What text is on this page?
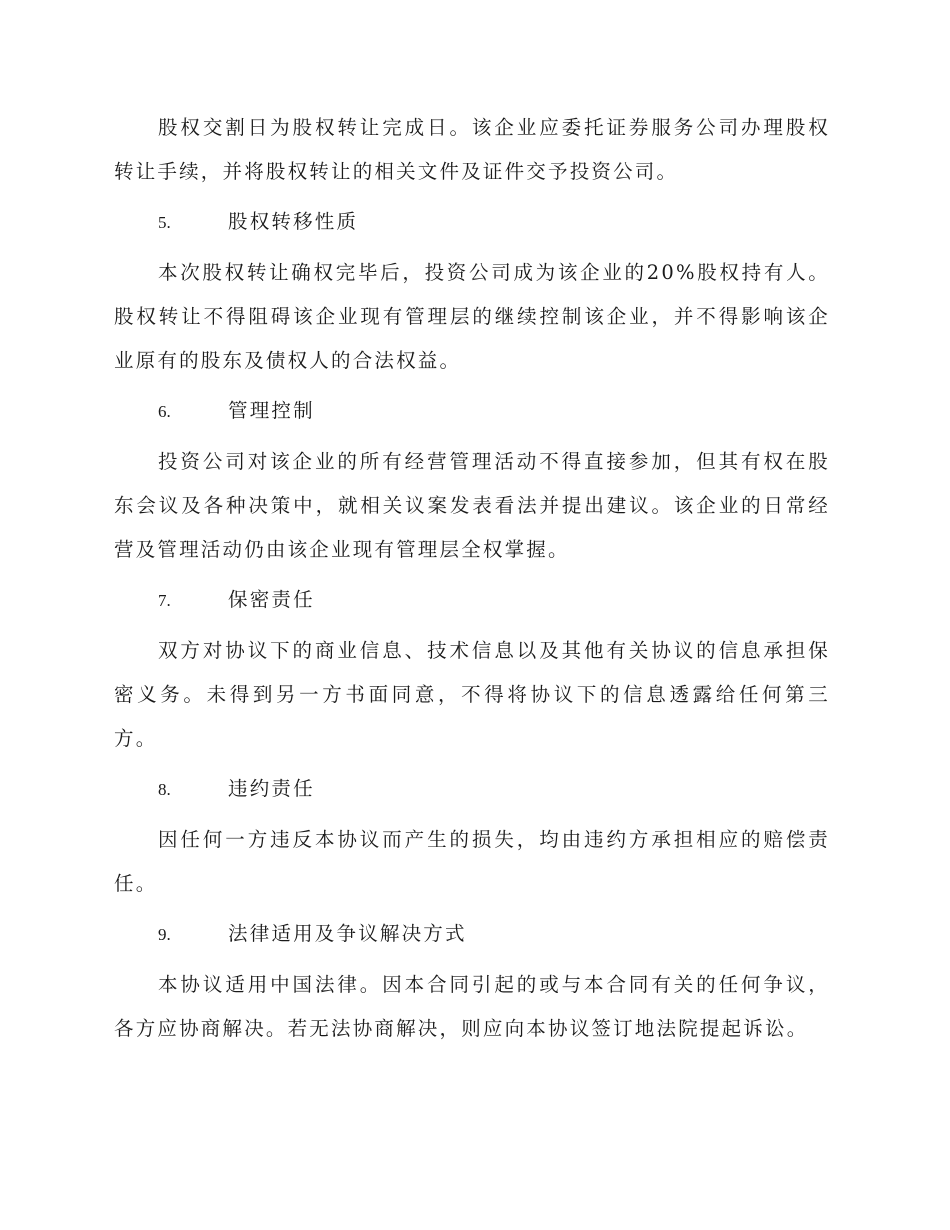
股权交割日为股权转让完成日。该企业应委托证券服务公司办理股权转让手续，并将股权转让的相关文件及证件交予投资公司。

5.	股权转移性质

本次股权转让确权完毕后，投资公司成为该企业的20%股权持有人。股权转让不得阻碍该企业现有管理层的继续控制该企业，并不得影响该企业原有的股东及债权人的合法权益。

6.	管理控制

投资公司对该企业的所有经营管理活动不得直接参加，但其有权在股东会议及各种决策中，就相关议案发表看法并提出建议。该企业的日常经营及管理活动仍由该企业现有管理层全权掌握。

7.	保密责任

双方对协议下的商业信息、技术信息以及其他有关协议的信息承担保密义务。未得到另一方书面同意，不得将协议下的信息透露给任何第三方。

8.	违约责任

因任何一方违反本协议而产生的损失，均由违约方承担相应的赔偿责任。

9.	法律适用及争议解决方式

本协议适用中国法律。因本合同引起的或与本合同有关的任何争议，各方应协商解决。若无法协商解决，则应向本协议签订地法院提起诉讼。
